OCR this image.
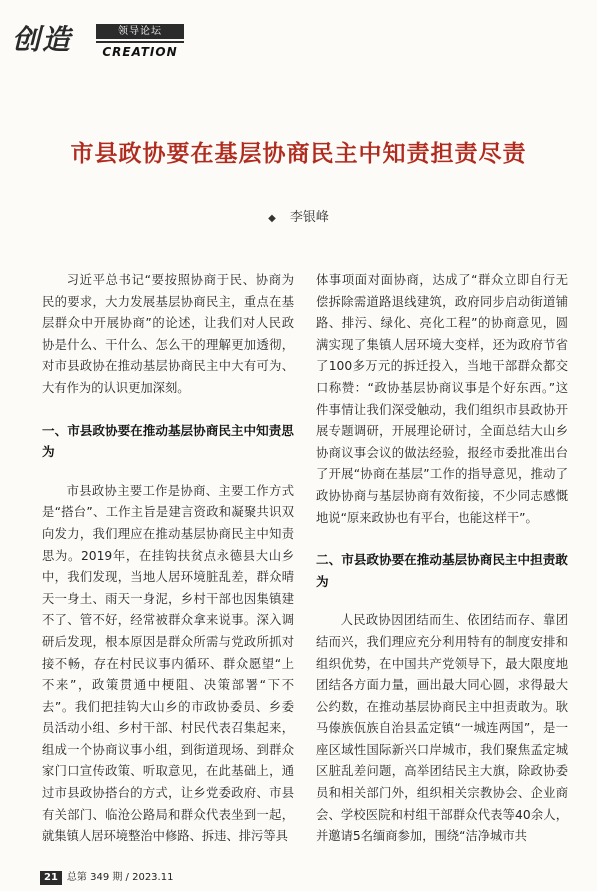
创造	领导论坛
CREATION
市县政协要在基层协商民主中知责担责尽责
◆ 李银峰

习近平总书记“要按照协商于民、协商为民的要求，大力发展基层协商民主，重点在基层群众中开展协商”的论述，让我们对人民政协是什么、干什么、怎么干的理解更加透彻，对市县政协在推动基层协商民主中大有可为、大有作为的认识更加深刻。

一、市县政协要在推动基层协商民主中知责思为

市县政协主要工作是协商、主要工作方式是“搭台”、工作主旨是建言资政和凝聚共识双向发力，我们理应在推动基层协商民主中知责思为。2019年，在挂钩扶贫点永德县大山乡中，我们发现，当地人居环境脏乱差，群众晴天一身土、雨天一身泥，乡村干部也因集镇建不了、管不好，经常被群众拿来说事。深入调研后发现，根本原因是群众所需与党政所抓对接不畅，存在村民议事内循环、群众愿望“上不来”，政策贯通中梗阻、决策部署“下不去”。我们把挂钩大山乡的市政协委员、乡委员活动小组、乡村干部、村民代表召集起来，组成一个协商议事小组，到街道现场、到群众家门口宣传政策、听取意见，在此基础上，通过市县政协搭台的方式，让乡党委政府、市县有关部门、临沧公路局和群众代表坐到一起，就集镇人居环境整治中修路、拆违、排污等具

体事项面对面协商，达成了“群众立即自行无偿拆除需道路退线建筑，政府同步启动街道铺路、排污、绿化、亮化工程”的协商意见，圆满实现了集镇人居环境大变样，还为政府节省了100多万元的拆迁投入，当地干部群众都交口称赞：“政协基层协商议事是个好东西。”这件事情让我们深受触动，我们组织市县政协开展专题调研，开展理论研讨，全面总结大山乡协商议事会议的做法经验，报经市委批准出台了开展“协商在基层”工作的指导意见，推动了政协协商与基层协商有效衔接，不少同志感慨地说“原来政协也有平台，也能这样干”。

二、市县政协要在推动基层协商民主中担责敢为

人民政协因团结而生、依团结而存、靠团结而兴，我们理应充分利用特有的制度安排和组织优势，在中国共产党领导下，最大限度地团结各方面力量，画出最大同心圆，求得最大公约数，在推动基层协商民主中担责敢为。耿马傣族佤族自治县孟定镇“一城连两国”，是一座区域性国际新兴口岸城市，我们聚焦孟定城区脏乱差问题，高举团结民主大旗，除政协委员和相关部门外，组织相关宗教协会、企业商会、学校医院和村组干部群众代表等40余人，并邀请5名缅商参加，围绕“洁净城市共

21 总第 349 期 / 2023.11
